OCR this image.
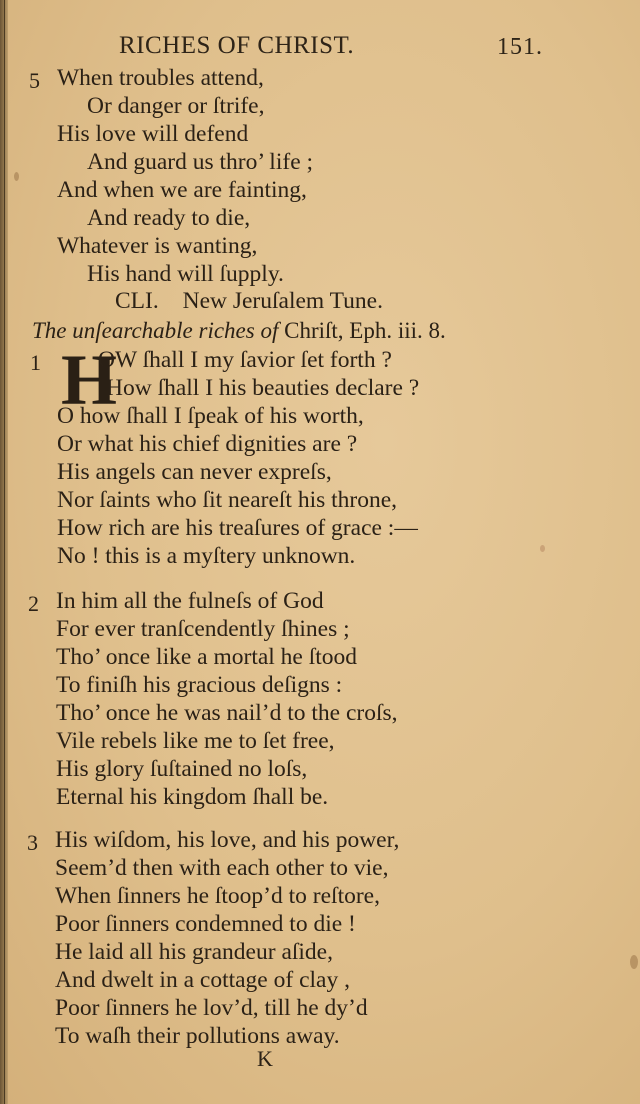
RICHES OF CHRIST.	151.
5 When troubles attend,
Or danger or ſtrife,
His love will defend
And guard us thro’ life ;
And when we are fainting,
And ready to die,
Whatever is wanting,
His hand will ſupply.
CLI. New Jeruſalem Tune.
The unſearchable riches of Chriſt, Eph. iii. 8.
1 H
OW ſhall I my ſavior ſet forth ?
How ſhall I his beauties declare ?
O how ſhall I ſpeak of his worth,
Or what his chief dignities are ?
His angels can never expreſs,
Nor ſaints who ſit neareſt his throne,
How rich are his treaſures of grace :—
No ! this is a myſtery unknown.
2 In him all the fulneſs of God
For ever tranſcendently ſhines ;
Tho’ once like a mortal he ſtood
To finiſh his gracious deſigns :
Tho’ once he was nail’d to the croſs,
Vile rebels like me to ſet free,
His glory ſuſtained no loſs,
Eternal his kingdom ſhall be.
3 His wiſdom, his love, and his power,
Seem’d then with each other to vie,
When ſinners he ſtoop’d to reſtore,
Poor ſinners condemned to die !
He laid all his grandeur aſide,
And dwelt in a cottage of clay ,
Poor ſinners he lov’d, till he dy’d
To waſh their pollutions away.
K
